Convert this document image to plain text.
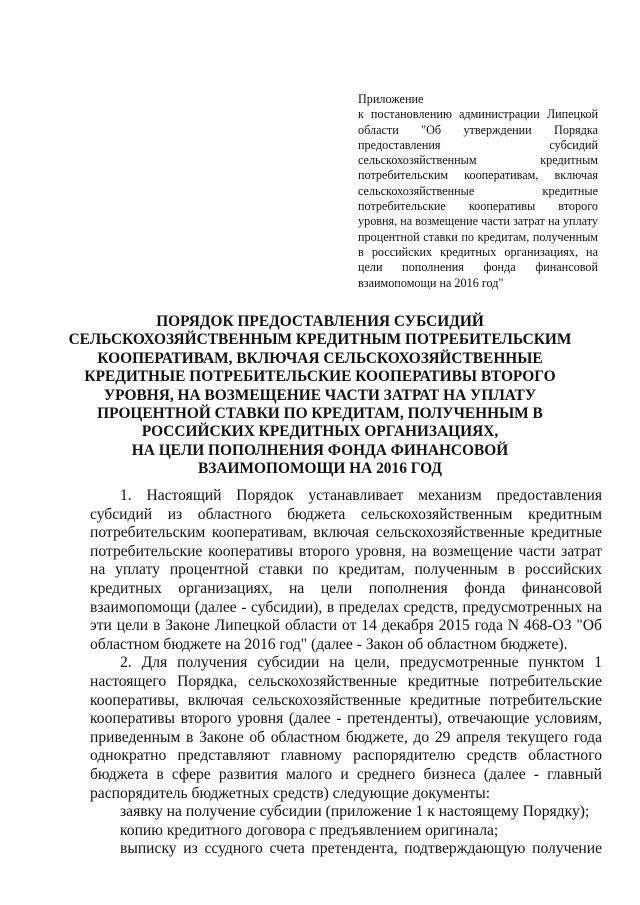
Приложение
к постановлению администрации Липецкой области "Об утверждении Порядка предоставления субсидий сельскохозяйственным кредитным потребительским кооперативам, включая сельскохозяйственные кредитные потребительские кооперативы второго уровня, на возмещение части затрат на уплату процентной ставки по кредитам, полученным в российских кредитных организациях, на цели пополнения фонда финансовой взаимопомощи на 2016 год"
ПОРЯДОК ПРЕДОСТАВЛЕНИЯ СУБСИДИЙ
СЕЛЬСКОХОЗЯЙСТВЕННЫМ КРЕДИТНЫМ ПОТРЕБИТЕЛЬСКИМ
КООПЕРАТИВАМ, ВКЛЮЧАЯ СЕЛЬСКОХОЗЯЙСТВЕННЫЕ
КРЕДИТНЫЕ ПОТРЕБИТЕЛЬСКИЕ КООПЕРАТИВЫ ВТОРОГО
УРОВНЯ, НА ВОЗМЕЩЕНИЕ ЧАСТИ ЗАТРАТ НА УПЛАТУ
ПРОЦЕНТНОЙ СТАВКИ ПО КРЕДИТАМ, ПОЛУЧЕННЫМ В
РОССИЙСКИХ КРЕДИТНЫХ ОРГАНИЗАЦИЯХ,
НА ЦЕЛИ ПОПОЛНЕНИЯ ФОНДА ФИНАНСОВОЙ
ВЗАИМОПОМОЩИ НА 2016 ГОД

1. Настоящий Порядок устанавливает механизм предоставления субсидий из областного бюджета сельскохозяйственным кредитным потребительским кооперативам, включая сельскохозяйственные кредитные потребительские кооперативы второго уровня, на возмещение части затрат на уплату процентной ставки по кредитам, полученным в российских кредитных организациях, на цели пополнения фонда финансовой взаимопомощи (далее - субсидии), в пределах средств, предусмотренных на эти цели в Законе Липецкой области от 14 декабря 2015 года N 468-ОЗ "Об областном бюджете на 2016 год" (далее - Закон об областном бюджете).

2. Для получения субсидии на цели, предусмотренные пунктом 1 настоящего Порядка, сельскохозяйственные кредитные потребительские кооперативы, включая сельскохозяйственные кредитные потребительские кооперативы второго уровня (далее - претенденты), отвечающие условиям, приведенным в Законе об областном бюджете, до 29 апреля текущего года однократно представляют главному распорядителю средств областного бюджета в сфере развития малого и среднего бизнеса (далее - главный распорядитель бюджетных средств) следующие документы:

заявку на получение субсидии (приложение 1 к настоящему Порядку);

копию кредитного договора с предъявлением оригинала;

выписку из ссудного счета претендента, подтверждающую получение
